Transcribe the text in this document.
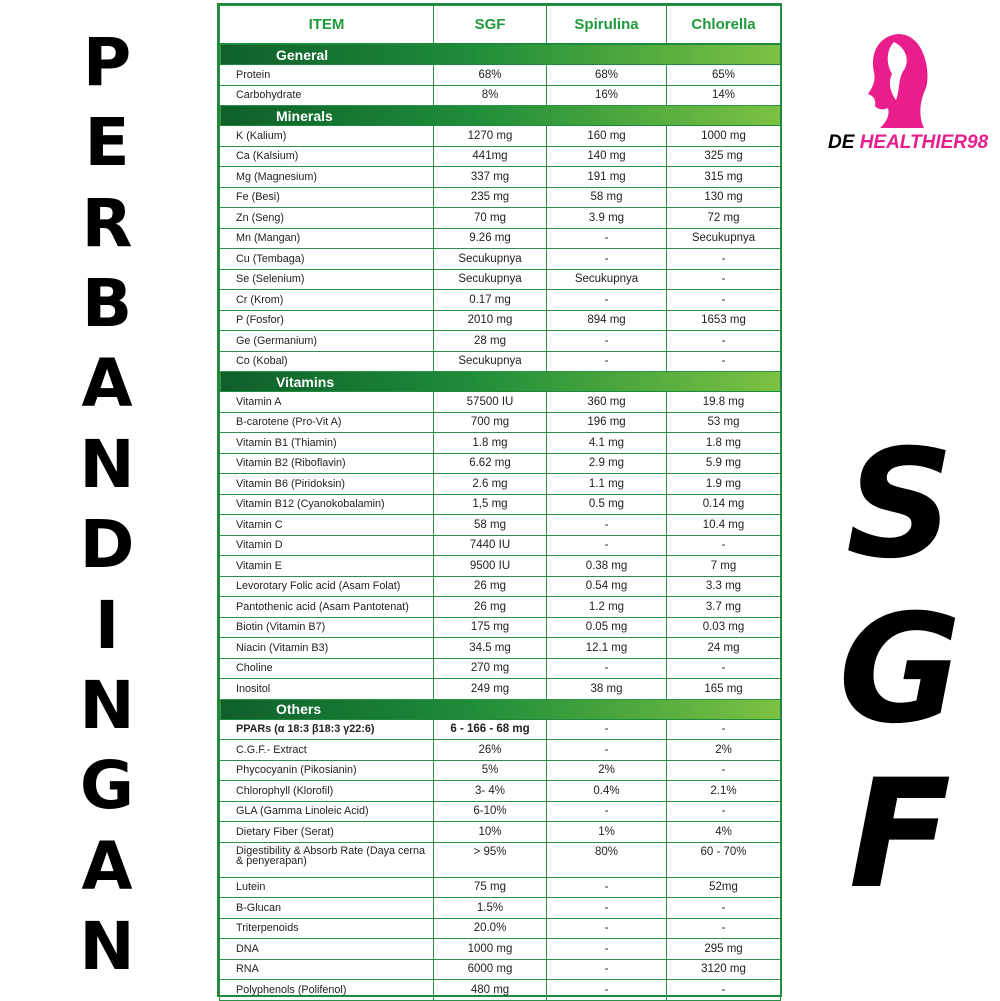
P
E
R
B
A
N
D
I
N
G
A
N
DE HEALTHIER98
S
G
F
ITEM	SGF	Spirulina	Chlorella
General			
Protein	68%	68%	65%
Carbohydrate	8%	16%	14%
Minerals			
K (Kalium)	1270 mg	160 mg	1000 mg
Ca (Kalsium)	441mg	140 mg	325 mg
Mg (Magnesium)	337 mg	191 mg	315 mg
Fe (Besi)	235 mg	58 mg	130 mg
Zn (Seng)	70 mg	3.9 mg	72 mg
Mn (Mangan)	9.26 mg	-	Secukupnya
Cu (Tembaga)	Secukupnya	-	-
Se (Selenium)	Secukupnya	Secukupnya	-
Cr (Krom)	0.17 mg	-	-
P (Fosfor)	2010 mg	894 mg	1653 mg
Ge (Germanium)	28 mg	-	-
Co (Kobal)	Secukupnya	-	-
Vitamins			
Vitamin A	57500 IU	360 mg	19.8 mg
B-carotene (Pro-Vit A)	700 mg	196 mg	53 mg
Vitamin B1 (Thiamin)	1.8 mg	4.1 mg	1.8 mg
Vitamin B2 (Riboflavin)	6.62 mg	2.9 mg	5.9 mg
Vitamin B6 (Piridoksin)	2.6 mg	1.1 mg	1.9 mg
Vitamin B12 (Cyanokobalamin)	1,5 mg	0.5 mg	0.14 mg
Vitamin C	58 mg	-	10.4 mg
Vitamin D	7440 IU	-	-
Vitamin E	9500 IU	0.38 mg	7 mg
Levorotary Folic acid (Asam Folat)	26 mg	0.54 mg	3.3 mg
Pantothenic acid (Asam Pantotenat)	26 mg	1.2 mg	3.7 mg
Biotin (Vitamin B7)	175 mg	0.05 mg	0.03 mg
Niacin (Vitamin B3)	34.5 mg	12.1 mg	24 mg
Choline	270 mg	-	-
Inositol	249 mg	38 mg	165 mg
Others			
PPARs (α 18:3 β18:3 γ22:6)	6 - 166 - 68 mg	-	-
C.G.F.- Extract	26%	-	2%
Phycocyanin (Pikosianin)	5%	2%	-
Chlorophyll (Klorofil)	3- 4%	0.4%	2.1%
GLA (Gamma Linoleic Acid)	6-10%	-	-
Dietary Fiber (Serat)	10%	1%	4%
Digestibility & Absorb Rate (Daya cerna & penyerapan)	> 95%	80%	60 - 70%
Lutein	75 mg	-	52mg
B-Glucan	1.5%	-	-
Triterpenoids	20.0%	-	-
DNA	1000 mg	-	295 mg
RNA	6000 mg	-	3120 mg
Polyphenols (Polifenol)	480 mg	-	-
